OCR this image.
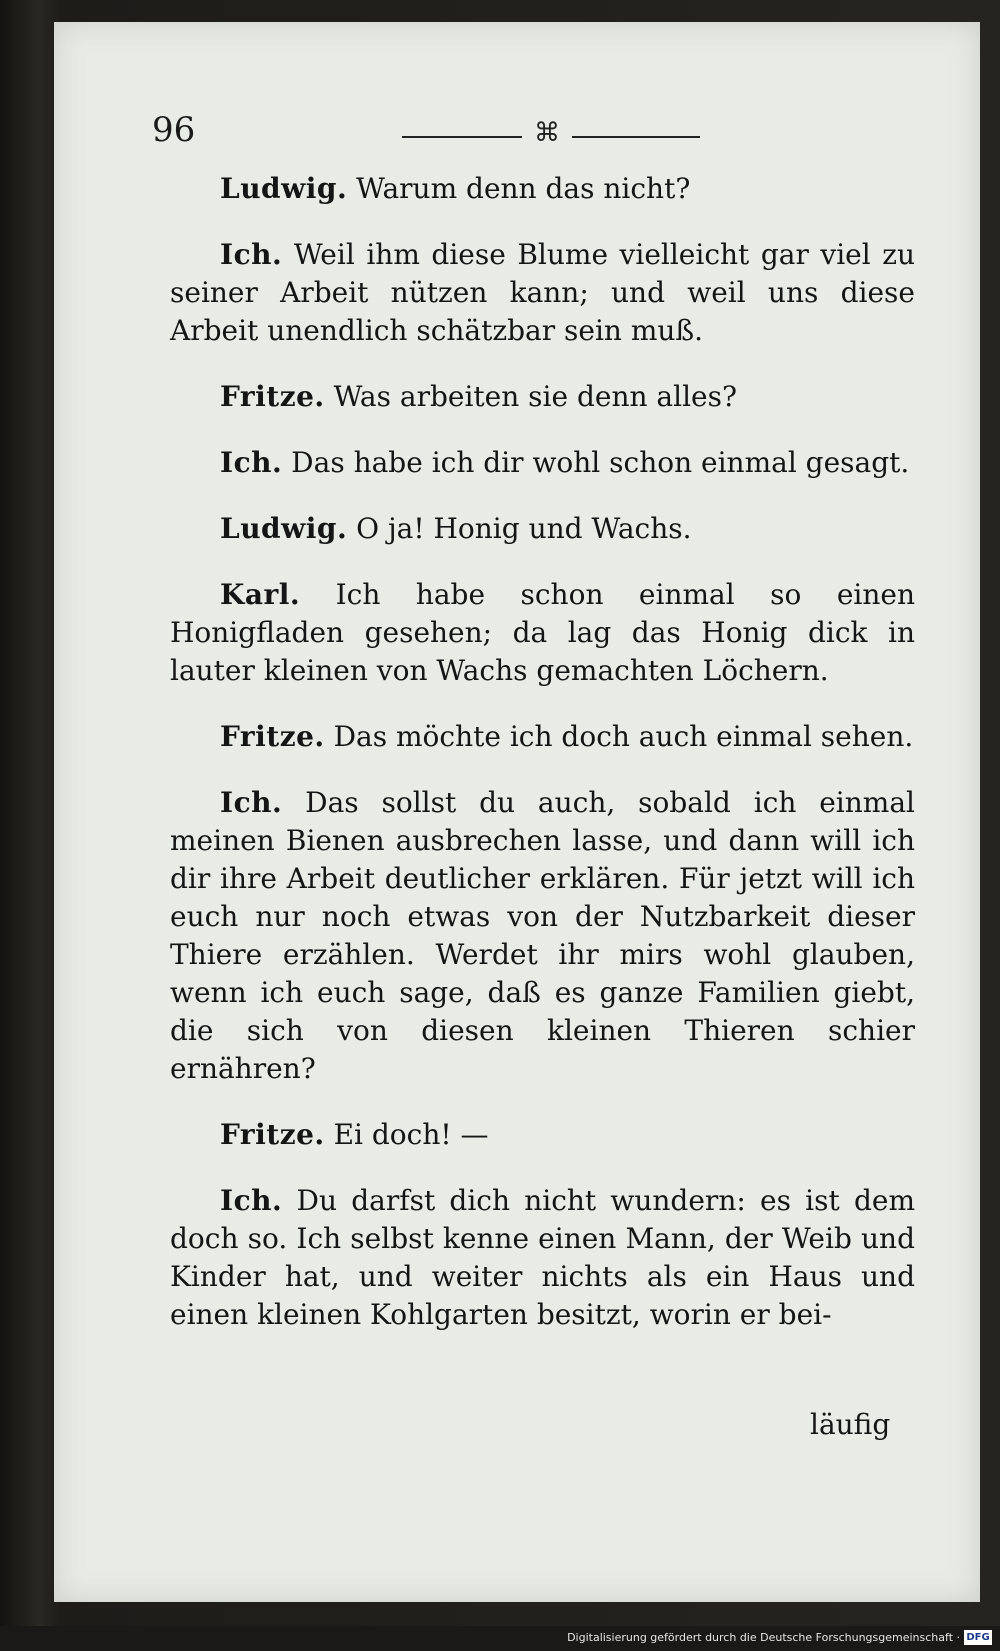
96	⌘

Ludwig. Warum denn das nicht?

Ich. Weil ihm diese Blume vielleicht gar viel zu seiner Arbeit nützen kann; und weil uns diese Arbeit unendlich schätzbar sein muß.

Fritze. Was arbeiten sie denn alles?

Ich. Das habe ich dir wohl schon einmal gesagt.

Ludwig. O ja! Honig und Wachs.

Karl. Ich habe schon einmal so einen Honigfladen gesehen; da lag das Honig dick in lauter kleinen von Wachs gemachten Löchern.

Fritze. Das möchte ich doch auch einmal sehen.

Ich. Das sollst du auch, sobald ich einmal meinen Bienen ausbrechen lasse, und dann will ich dir ihre Arbeit deutlicher erklären. Für jetzt will ich euch nur noch etwas von der Nutzbarkeit dieser Thiere erzählen. Werdet ihr mirs wohl glauben, wenn ich euch sage, daß es ganze Familien giebt, die sich von diesen kleinen Thieren schier ernähren?

Fritze. Ei doch! —

Ich. Du darfst dich nicht wundern: es ist dem doch so. Ich selbst kenne einen Mann, der Weib und Kinder hat, und weiter nichts als ein Haus und einen kleinen Kohlgarten besitzt, worin er bei-

läufig
Digitalisierung gefördert durch die Deutsche Forschungsgemeinschaft · DFG
